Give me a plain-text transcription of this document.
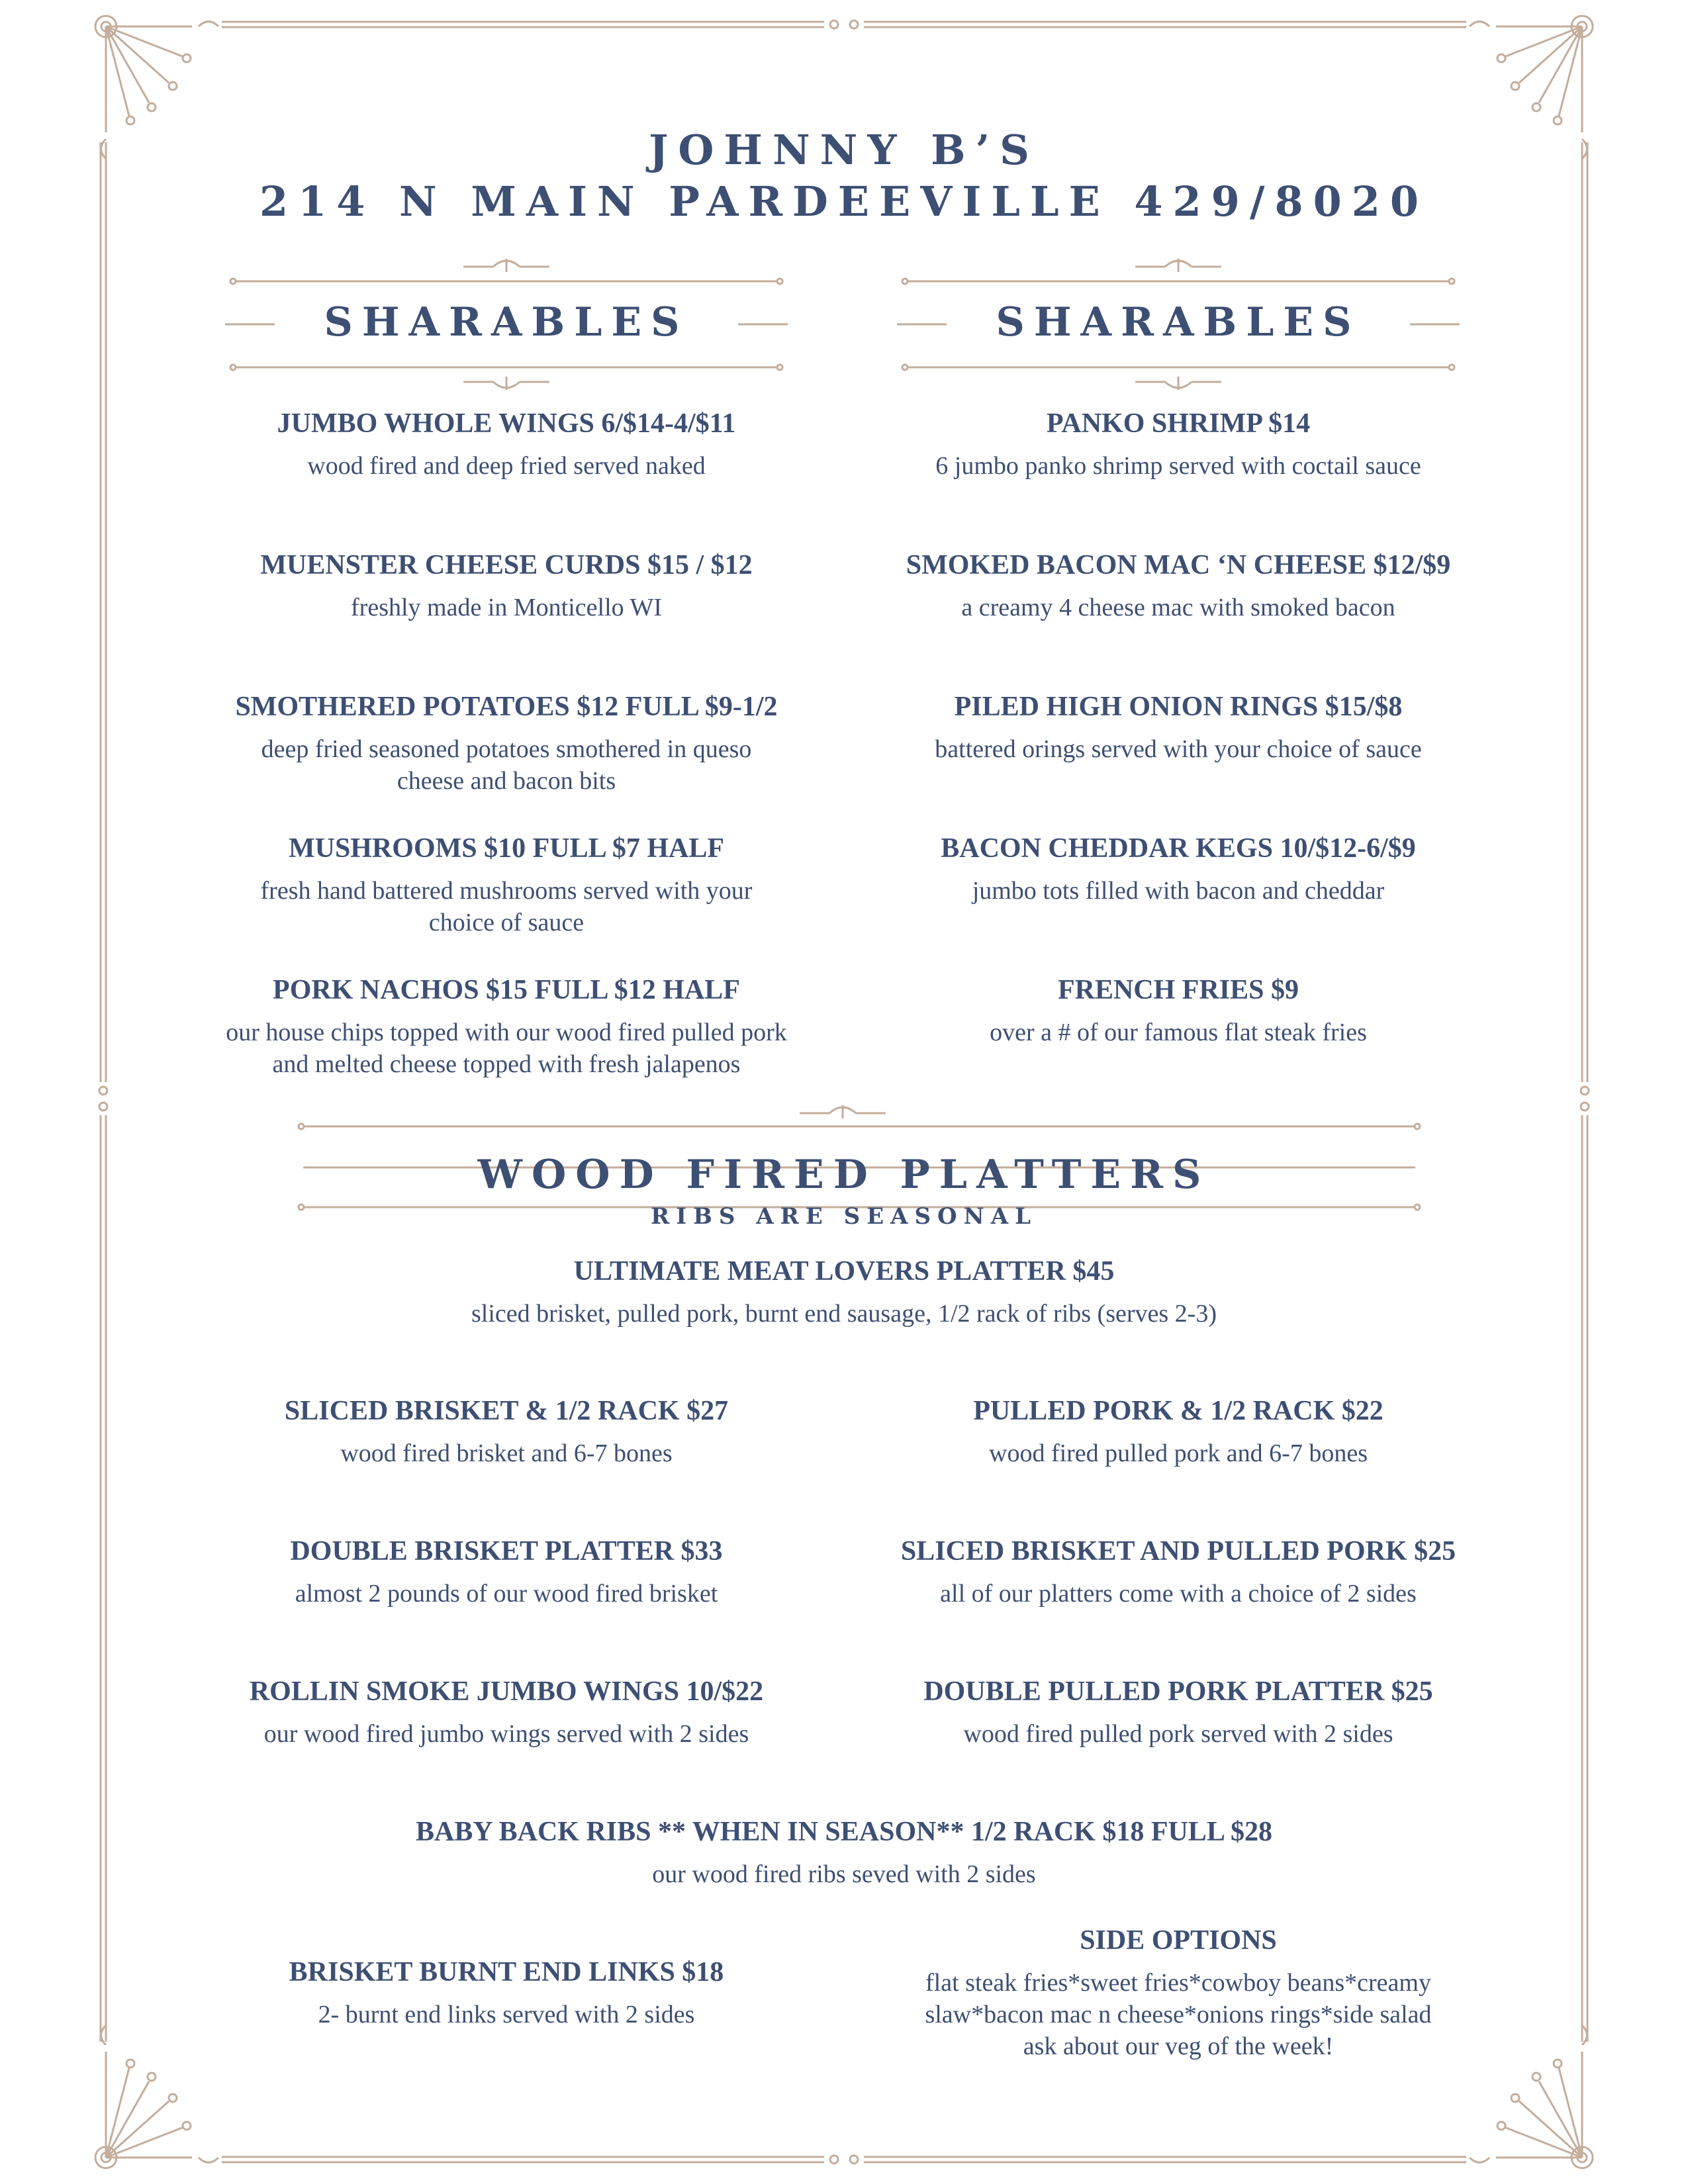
JOHNNY B’S
214 N MAIN PARDEEVILLE 429/8020
SHARABLES	SHARABLES
JUMBO WHOLE WINGS 6/$14-4/$11
wood fired and deep fried served naked
MUENSTER CHEESE CURDS $15 / $12
freshly made in Monticello WI
SMOTHERED POTATOES $12 FULL $9-1/2
deep fried seasoned potatoes smothered in queso cheese and bacon bits
MUSHROOMS $10 FULL $7 HALF
fresh hand battered mushrooms served with your choice of sauce
PORK NACHOS $15 FULL $12 HALF
our house chips topped with our wood fired pulled pork and melted cheese topped with fresh jalapenos
PANKO SHRIMP $14
6 jumbo panko shrimp served with coctail sauce
SMOKED BACON MAC ‘N CHEESE $12/$9
a creamy 4 cheese mac with smoked bacon
PILED HIGH ONION RINGS $15/$8
battered orings served with your choice of sauce
BACON CHEDDAR KEGS 10/$12-6/$9
jumbo tots filled with bacon and cheddar
FRENCH FRIES $9
over a # of our famous flat steak fries
WOOD FIRED PLATTERS
RIBS ARE SEASONAL
ULTIMATE MEAT LOVERS PLATTER $45
sliced brisket, pulled pork, burnt end sausage, 1/2 rack of ribs (serves 2-3)
SLICED BRISKET & 1/2 RACK $27
wood fired brisket and 6-7 bones
DOUBLE BRISKET PLATTER $33
almost 2 pounds of our wood fired brisket
ROLLIN SMOKE JUMBO WINGS 10/$22
our wood fired jumbo wings served with 2 sides
PULLED PORK & 1/2 RACK $22
wood fired pulled pork and 6-7 bones
SLICED BRISKET AND PULLED PORK $25
all of our platters come with a choice of 2 sides
DOUBLE PULLED PORK PLATTER $25
wood fired pulled pork served with 2 sides
BABY BACK RIBS ** WHEN IN SEASON** 1/2 RACK $18 FULL $28
our wood fired ribs seved with 2 sides
BRISKET BURNT END LINKS $18
2- burnt end links served with 2 sides
SIDE OPTIONS
flat steak fries*sweet fries*cowboy beans*creamy slaw*bacon mac n cheese*onions rings*side salad ask about our veg of the week!
